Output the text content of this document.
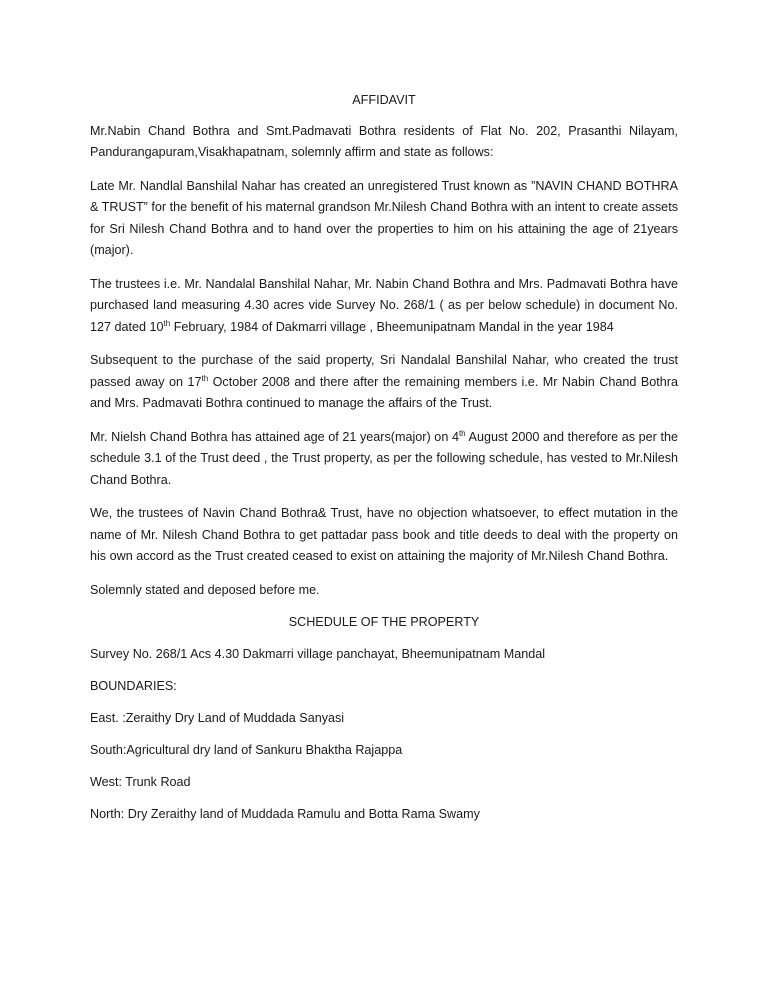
AFFIDAVIT

Mr.Nabin Chand Bothra and Smt.Padmavati Bothra residents of Flat No. 202, Prasanthi Nilayam, Pandurangapuram,Visakhapatnam, solemnly affirm and state as follows:

Late Mr. Nandlal Banshilal Nahar has created an unregistered Trust known as ”NAVIN CHAND BOTHRA & TRUST” for the benefit of his maternal grandson Mr.Nilesh Chand Bothra with an intent to create assets for Sri Nilesh Chand Bothra and to hand over the properties to him on his attaining the age of 21years (major).

The trustees i.e. Mr. Nandalal Banshilal Nahar, Mr. Nabin Chand Bothra and Mrs. Padmavati Bothra have purchased land measuring 4.30 acres vide Survey No. 268/1 ( as per below schedule) in document No. 127 dated 10th February, 1984 of Dakmarri village , Bheemunipatnam Mandal in the year 1984

Subsequent to the purchase of the said property, Sri Nandalal Banshilal Nahar, who created the trust passed away on 17th October 2008 and there after the remaining members i.e. Mr Nabin Chand Bothra and Mrs. Padmavati Bothra continued to manage the affairs of the Trust.

Mr. Nielsh Chand Bothra has attained age of 21 years(major) on 4th August 2000 and therefore as per the schedule 3.1 of the Trust deed , the Trust property, as per the following schedule, has vested to Mr.Nilesh Chand Bothra.

We, the trustees of Navin Chand Bothra& Trust, have no objection whatsoever, to effect mutation in the name of Mr. Nilesh Chand Bothra to get pattadar pass book and title deeds to deal with the property on his own accord as the Trust created ceased to exist on attaining the majority of Mr.Nilesh Chand Bothra.

Solemnly stated and deposed before me.

SCHEDULE OF THE PROPERTY

Survey No. 268/1 Acs 4.30 Dakmarri village panchayat, Bheemunipatnam Mandal

BOUNDARIES:

East. :Zeraithy Dry Land of Muddada Sanyasi

South:Agricultural dry land of Sankuru Bhaktha Rajappa

West: Trunk Road

North: Dry Zeraithy land of Muddada Ramulu and Botta Rama Swamy
